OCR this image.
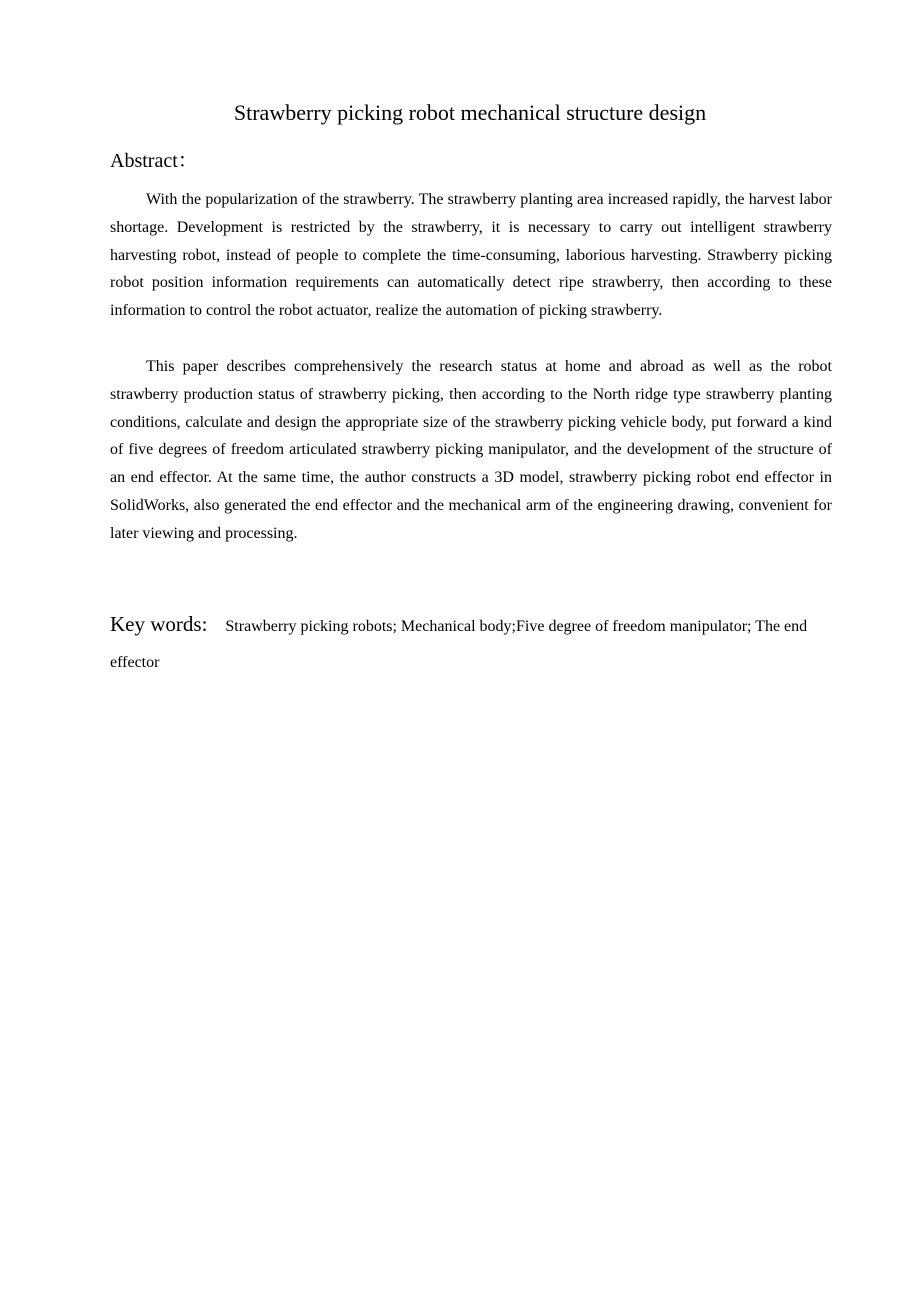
Strawberry picking robot mechanical structure design
Abstract：

With the popularization of the strawberry. The strawberry planting area increased rapidly, the harvest labor shortage. Development is restricted by the strawberry, it is necessary to carry out intelligent strawberry harvesting robot, instead of people to complete the time-consuming, laborious harvesting. Strawberry picking robot position information requirements can automatically detect ripe strawberry, then according to these information to control the robot actuator, realize the automation of picking strawberry.

This paper describes comprehensively the research status at home and abroad as well as the robot strawberry production status of strawberry picking, then according to the North ridge type strawberry planting conditions, calculate and design the appropriate size of the strawberry picking vehicle body, put forward a kind of five degrees of freedom articulated strawberry picking manipulator, and the development of the structure of an end effector. At the same time, the author constructs a 3D model, strawberry picking robot end effector in SolidWorks, also generated the end effector and the mechanical arm of the engineering drawing, convenient for later viewing and processing.

Key words: Strawberry picking robots; Mechanical body;Five degree of freedom manipulator; The end effector
